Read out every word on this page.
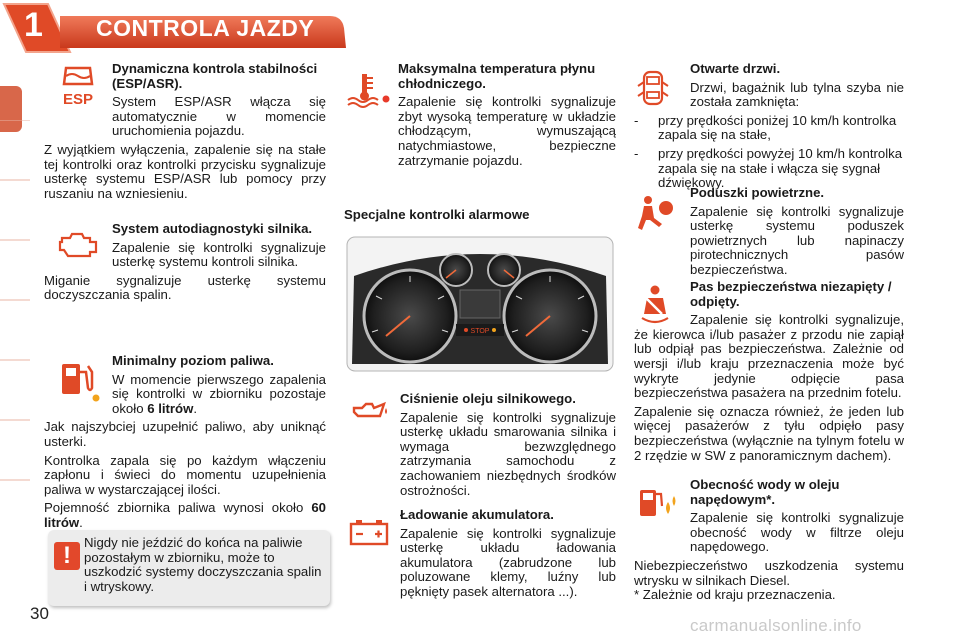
1 CONTROLA JAZDY
ESP
Dynamiczna kontrola stabilności (ESP/ASR).

System ESP/ASR włącza się automatycznie w momencie uruchomienia pojazdu.

Z wyjątkiem wyłączenia, zapalenie się na stałe tej kontrolki oraz kontrolki przycisku sygnalizuje usterkę systemu ESP/ASR lub pomocy przy ruszaniu na wzniesieniu.

System autodiagnostyki silnika.

Zapalenie się kontrolki sygnalizuje usterkę systemu kontroli silnika.

Miganie sygnalizuje usterkę systemu doczyszczania spalin.

Minimalny poziom paliwa.

W momencie pierwszego zapalenia się kontrolki w zbiorniku pozostaje około 6 litrów.

Jak najszybciej uzupełnić paliwo, aby uniknąć usterki.

Kontrolka zapala się po każdym włączeniu zapłonu i świeci do momentu uzupełnienia paliwa w wystarczającej ilości.

Pojemność zbiornika paliwa wynosi około 60 litrów.

Nigdy nie jeździć do końca na paliwie pozostałym w zbiorniku, może to uszkodzić systemy doczyszczania spalin i wtryskowy.
!
Maksymalna temperatura płynu chłodniczego.

Zapalenie się kontrolki sygnalizuje zbyt wysoką temperaturę w układzie chłodzącym, wymuszającą natychmiastowe, bezpieczne zatrzymanie pojazdu.

Specjalne kontrolki alarmowe
STOP
Ciśnienie oleju silnikowego.

Zapalenie się kontrolki sygnalizuje usterkę układu smarowania silnika i wymaga bezwzględnego zatrzymania samochodu z zachowaniem niezbędnych środków ostrożności.

Ładowanie akumulatora.

Zapalenie się kontrolki sygnalizuje usterkę układu ładowania akumulatora (zabrudzone lub poluzowane klemy, luźny lub pęknięty pasek alternatora ...).

Otwarte drzwi.

Drzwi, bagażnik lub tylna szyba nie została zamknięta:

-	przy prędkości poniżej 10 km/h kontrolka zapala się na stałe,
-	przy prędkości powyżej 10 km/h kontrolka zapala się na stałe i włącza się sygnał dźwiękowy.
Poduszki powietrzne.

Zapalenie się kontrolki sygnalizuje usterkę systemu poduszek powietrznych lub napinaczy pirotechnicznych pasów bezpieczeństwa.

Pas bezpieczeństwa niezapięty / odpięty.

Zapalenie się kontrolki sygnalizuje, że kierowca i/lub pasażer z przodu nie zapiął lub odpiął pas bezpieczeństwa. Zależnie od wersji i/lub kraju przeznaczenia może być wykryte jedynie odpięcie pasa bezpieczeństwa pasażera na przednim fotelu.

Zapalenie się oznacza również, że jeden lub więcej pasażerów z tyłu odpięło pasy bezpieczeństwa (wyłącznie na tylnym fotelu w 2 rzędzie w SW z panoramicznym dachem).

Obecność wody w oleju napędowym*.

Zapalenie się kontrolki sygnalizuje obecność wody w filtrze oleju napędowego.

Niebezpieczeństwo uszkodzenia systemu wtrysku w silnikach Diesel.

* Zależnie od kraju przeznaczenia.
30
carmanualsonline.info
